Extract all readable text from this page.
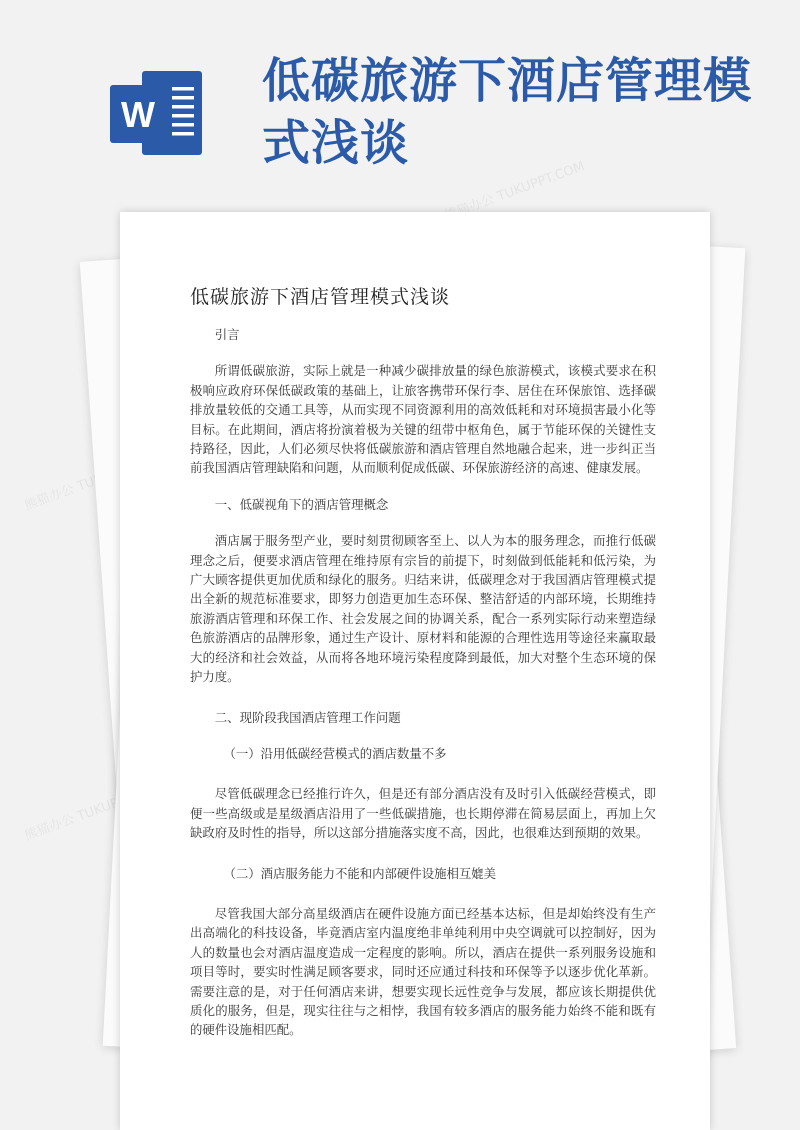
W
低碳旅游下酒店管理模式浅谈
熊猫办公 TUKUPPT.COM
熊猫办公
熊猫办公 TUKUPPT.COM
低碳旅游下酒店管理模式浅谈

引言

所谓低碳旅游，实际上就是一种减少碳排放量的绿色旅游模式，该模式要求在积极响应政府环保低碳政策的基础上，让旅客携带环保行李、居住在环保旅馆、选择碳排放量较低的交通工具等，从而实现不同资源利用的高效低耗和对环境损害最小化等目标。在此期间，酒店将扮演着极为关键的纽带中枢角色，属于节能环保的关键性支持路径，因此，人们必须尽快将低碳旅游和酒店管理自然地融合起来，进一步纠正当前我国酒店管理缺陷和问题，从而顺利促成低碳、环保旅游经济的高速、健康发展。

一、低碳视角下的酒店管理概念

酒店属于服务型产业，要时刻贯彻顾客至上、以人为本的服务理念，而推行低碳理念之后，便要求酒店管理在维持原有宗旨的前提下，时刻做到低能耗和低污染，为广大顾客提供更加优质和绿化的服务。归结来讲，低碳理念对于我国酒店管理模式提出全新的规范标准要求，即努力创造更加生态环保、整洁舒适的内部环境，长期维持旅游酒店管理和环保工作、社会发展之间的协调关系，配合一系列实际行动来塑造绿色旅游酒店的品牌形象，通过生产设计、原材料和能源的合理性选用等途径来赢取最大的经济和社会效益，从而将各地环境污染程度降到最低，加大对整个生态环境的保护力度。

二、现阶段我国酒店管理工作问题

（一）沿用低碳经营模式的酒店数量不多

尽管低碳理念已经推行许久，但是还有部分酒店没有及时引入低碳经营模式，即便一些高级或是星级酒店沿用了一些低碳措施，也长期停滞在简易层面上，再加上欠缺政府及时性的指导，所以这部分措施落实度不高，因此，也很难达到预期的效果。

（二）酒店服务能力不能和内部硬件设施相互媲美

尽管我国大部分高星级酒店在硬件设施方面已经基本达标，但是却始终没有生产出高端化的科技设备，毕竟酒店室内温度绝非单纯利用中央空调就可以控制好，因为人的数量也会对酒店温度造成一定程度的影响。所以，酒店在提供一系列服务设施和项目等时，要实时性满足顾客要求，同时还应通过科技和环保等予以逐步优化革新。需要注意的是，对于任何酒店来讲，想要实现长远性竞争与发展，都应该长期提供优质化的服务，但是，现实往往与之相悖，我国有较多酒店的服务能力始终不能和既有的硬件设施相匹配。
